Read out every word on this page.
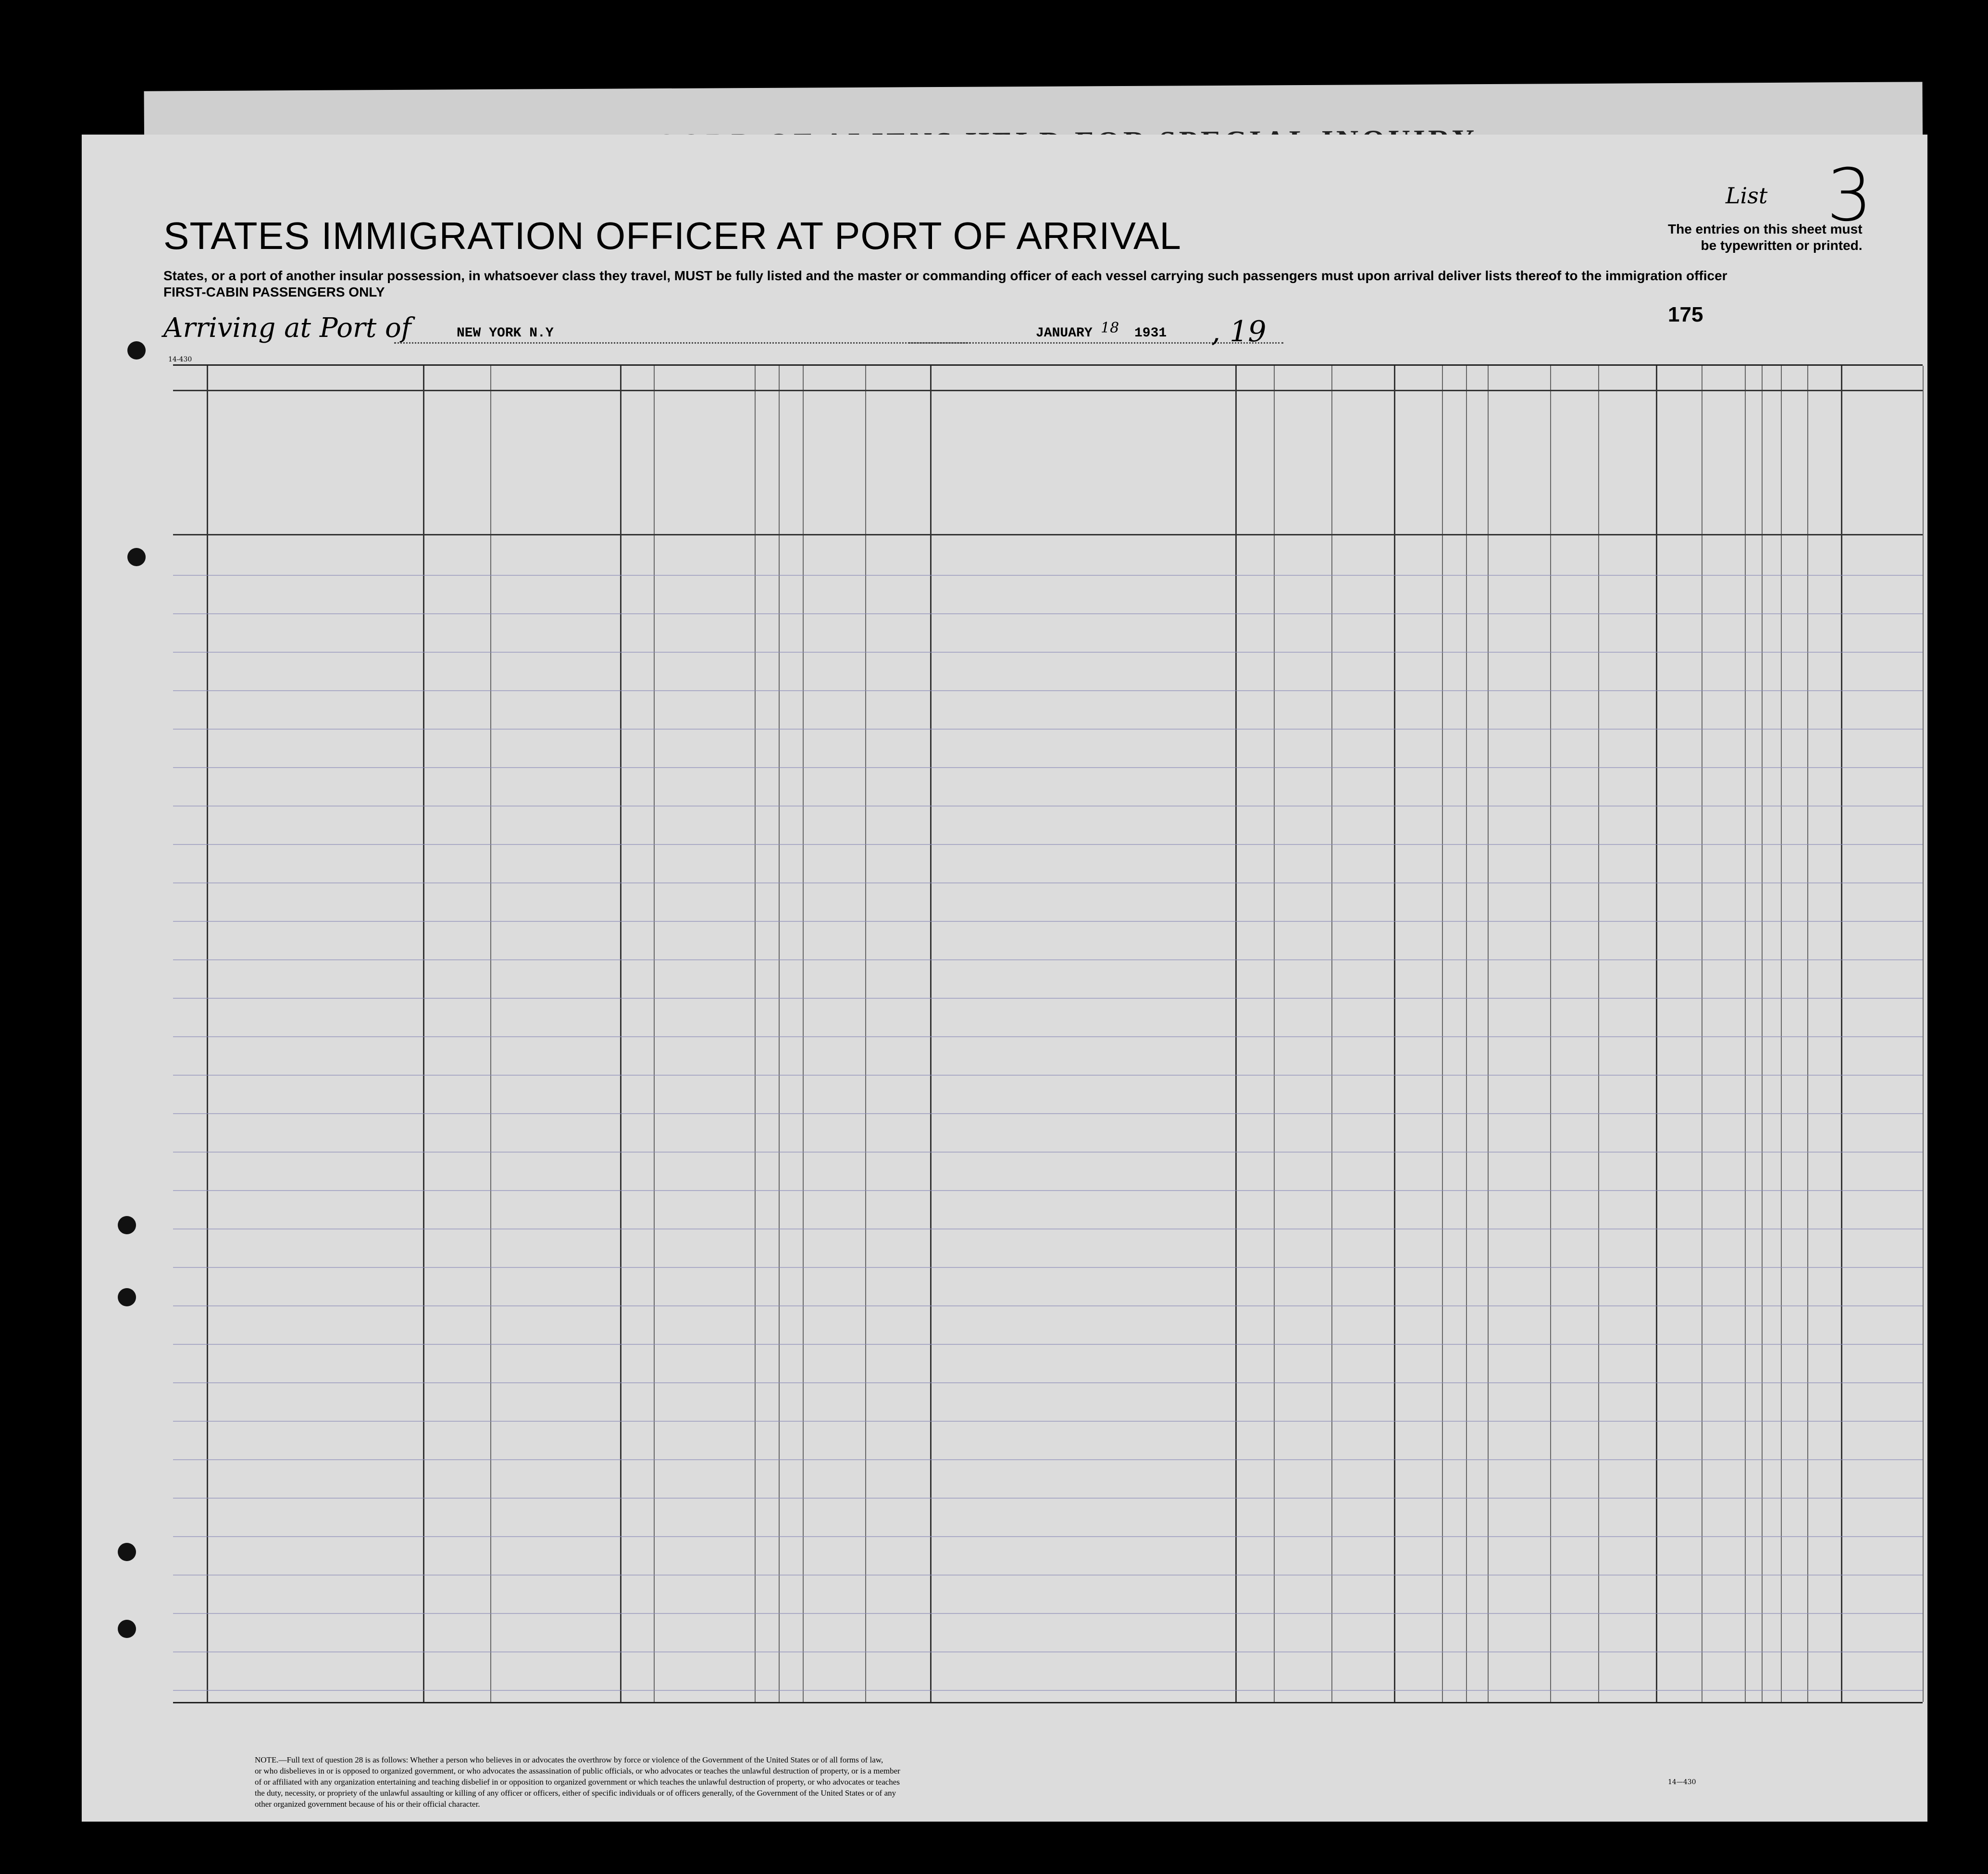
List 3
The entries on this sheet must
be typewritten or printed.
STATES IMMIGRATION OFFICER AT PORT OF ARRIVAL
States, or a port of another insular possession, in whatsoever class they travel, MUST be fully listed and the master or commanding officer of each vessel carrying such passengers must upon arrival deliver lists thereof to the immigration officer
FIRST-CABIN PASSENGERS ONLY
Arriving at Port of	NEW YORK N.Y	JANUARY 18 1931 , 19
175
14-430
NOTE.—Full text of question 28 is as follows: Whether a person who believes in or advocates the overthrow by force or violence of the Government of the United States or of all forms of law,
or who disbelieves in or is opposed to organized government, or who advocates the assassination of public officials, or who advocates or teaches the unlawful destruction of property, or is a member
of or affiliated with any organization entertaining and teaching disbelief in or opposition to organized government or which teaches the unlawful destruction of property, or who advocates or teaches
the duty, necessity, or propriety of the unlawful assaulting or killing of any officer or officers, either of specific individuals or of officers generally, of the Government of the United States or of any
other organized government because of his or their official character.
14—430
